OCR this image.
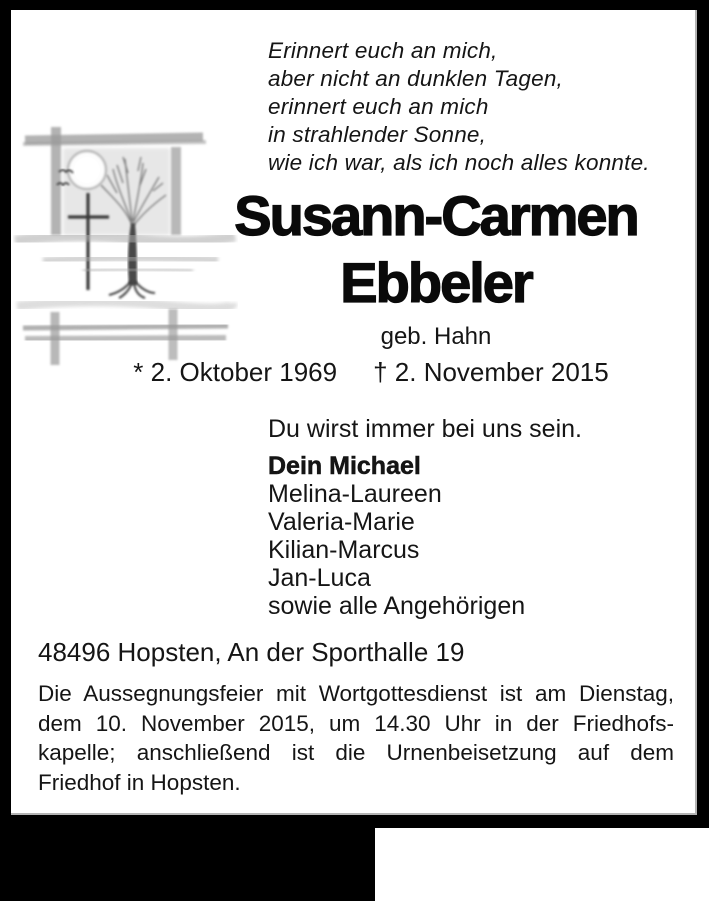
Erinnert euch an mich,
aber nicht an dunklen Tagen,
erinnert euch an mich
in strahlender Sonne,
wie ich war, als ich noch alles konnte.
Susann-Carmen
Ebbeler
geb. Hahn
* 2. Oktober 1969 † 2. November 2015
Du wirst immer bei uns sein.
Dein Michael
Melina-Laureen
Valeria-Marie
Kilian-Marcus
Jan-Luca
sowie alle Angehörigen
48496 Hopsten, An der Sporthalle 19
Die Aussegnungsfeier mit Wortgottesdienst ist am Dienstag,
dem 10. November 2015, um 14.30 Uhr in der Friedhofs-
kapelle; anschließend ist die Urnenbeisetzung auf dem
Friedhof in Hopsten.
